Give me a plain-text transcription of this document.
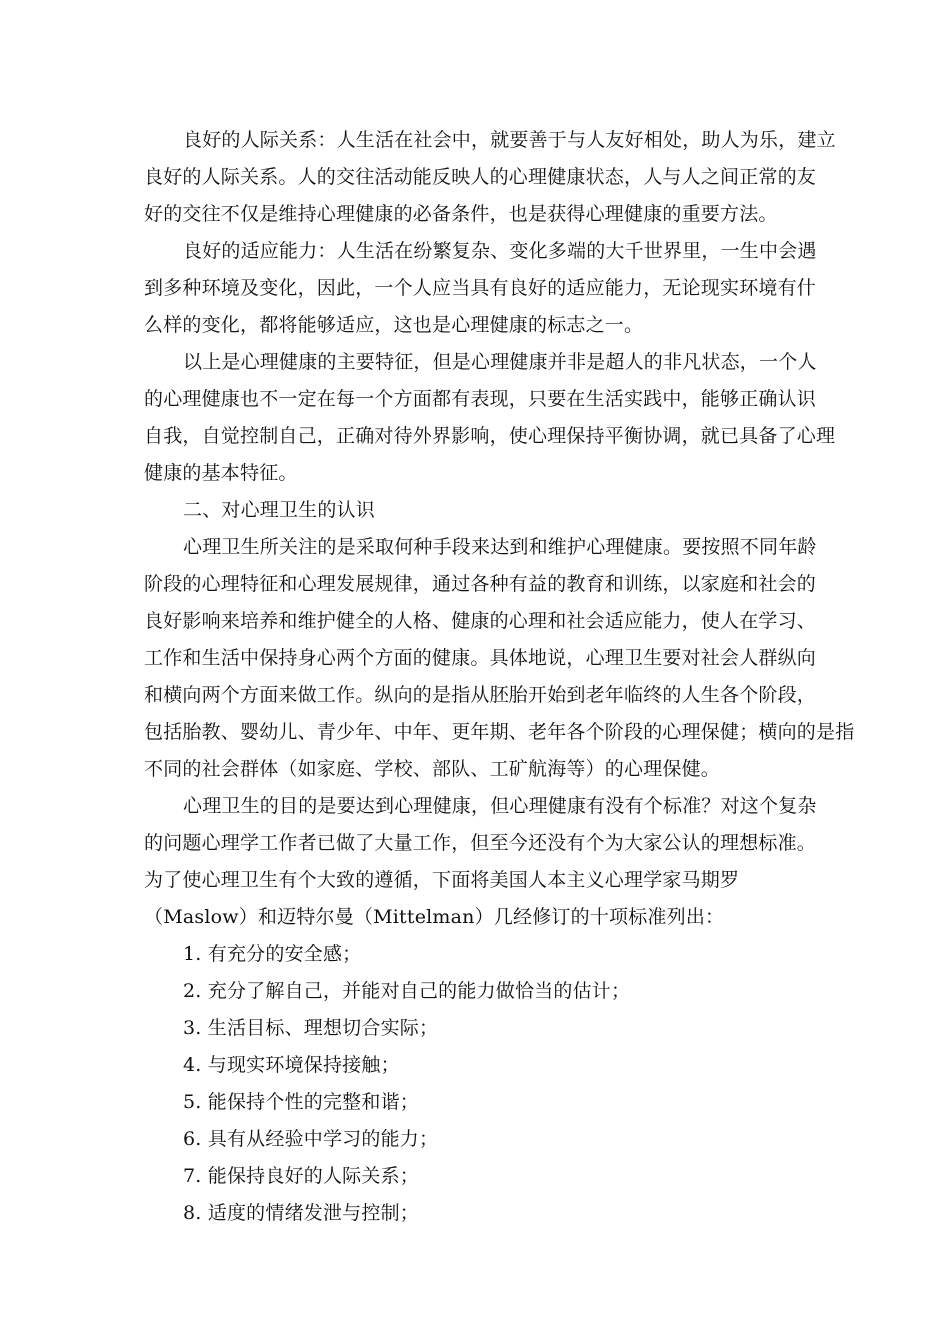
良好的人际关系：人生活在社会中，就要善于与人友好相处，助人为乐，建立
良好的人际关系。人的交往活动能反映人的心理健康状态，人与人之间正常的友
好的交往不仅是维持心理健康的必备条件，也是获得心理健康的重要方法。
良好的适应能力：人生活在纷繁复杂、变化多端的大千世界里，一生中会遇
到多种环境及变化，因此，一个人应当具有良好的适应能力，无论现实环境有什
么样的变化，都将能够适应，这也是心理健康的标志之一。
以上是心理健康的主要特征，但是心理健康并非是超人的非凡状态，一个人
的心理健康也不一定在每一个方面都有表现，只要在生活实践中，能够正确认识
自我，自觉控制自己，正确对待外界影响，使心理保持平衡协调，就已具备了心理
健康的基本特征。
二、对心理卫生的认识
心理卫生所关注的是采取何种手段来达到和维护心理健康。要按照不同年龄
阶段的心理特征和心理发展规律，通过各种有益的教育和训练，以家庭和社会的
良好影响来培养和维护健全的人格、健康的心理和社会适应能力，使人在学习、
工作和生活中保持身心两个方面的健康。具体地说，心理卫生要对社会人群纵向
和横向两个方面来做工作。纵向的是指从胚胎开始到老年临终的人生各个阶段，
包括胎教、婴幼儿、青少年、中年、更年期、老年各个阶段的心理保健；横向的是指
不同的社会群体（如家庭、学校、部队、工矿航海等）的心理保健。
心理卫生的目的是要达到心理健康，但心理健康有没有个标准？对这个复杂
的问题心理学工作者已做了大量工作，但至今还没有个为大家公认的理想标准。
为了使心理卫生有个大致的遵循，下面将美国人本主义心理学家马期罗
（Maslow）和迈特尔曼（Mittelman）几经修订的十项标准列出：
1. 有充分的安全感；
2. 充分了解自己，并能对自己的能力做恰当的估计；
3. 生活目标、理想切合实际；
4. 与现实环境保持接触；
5. 能保持个性的完整和谐；
6. 具有从经验中学习的能力；
7. 能保持良好的人际关系；
8. 适度的情绪发泄与控制；
